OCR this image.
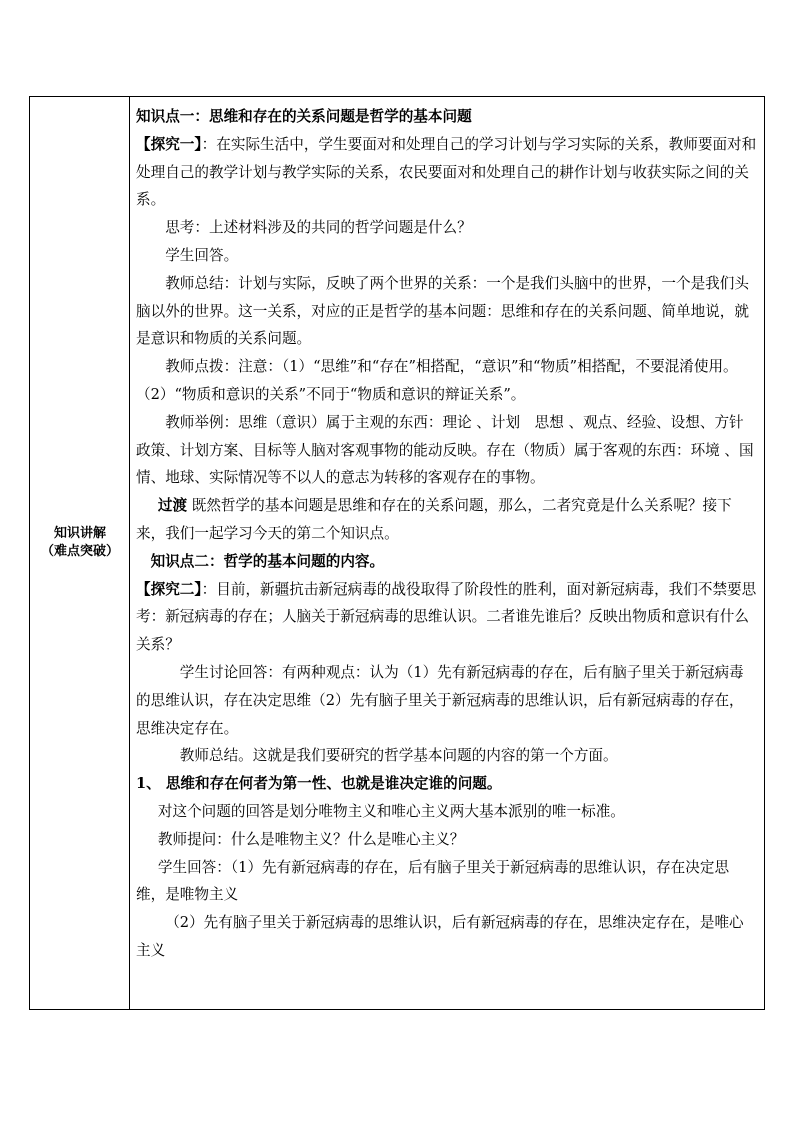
知识讲解
（难点突破）

知识点一：思维和存在的关系问题是哲学的基本问题

【探究一】：在实际生活中，学生要面对和处理自己的学习计划与学习实际的关系，教师要面对和处理自己的教学计划与教学实际的关系，农民要面对和处理自己的耕作计划与收获实际之间的关系。

思考：上述材料涉及的共同的哲学问题是什么？

学生回答。

教师总结：计划与实际，反映了两个世界的关系：一个是我们头脑中的世界，一个是我们头脑以外的世界。这一关系，对应的正是哲学的基本问题：思维和存在的关系问题、简单地说，就是意识和物质的关系问题。

教师点拨：注意：（1）“思维”和“存在”相搭配，“意识”和“物质”相搭配，不要混淆使用。（2）“物质和意识的关系”不同于“物质和意识的辩证关系”。

教师举例：思维（意识）属于主观的东西：理论 、计划　思想 、观点、经验、设想、方针政策、计划方案、目标等人脑对客观事物的能动反映。存在（物质）属于客观的东西：环境 、国情、地球、实际情况等不以人的意志为转移的客观存在的事物。

过渡 既然哲学的基本问题是思维和存在的关系问题，那么，二者究竟是什么关系呢？接下来，我们一起学习今天的第二个知识点。

知识点二：哲学的基本问题的内容。

【探究二】：目前，新疆抗击新冠病毒的战役取得了阶段性的胜利，面对新冠病毒，我们不禁要思考：新冠病毒的存在；人脑关于新冠病毒的思维认识。二者谁先谁后？反映出物质和意识有什么关系？

学生讨论回答：有两种观点：认为（1）先有新冠病毒的存在，后有脑子里关于新冠病毒的思维认识，存在决定思维（2）先有脑子里关于新冠病毒的思维认识，后有新冠病毒的存在，思维决定存在。

教师总结。这就是我们要研究的哲学基本问题的内容的第一个方面。

1、 思维和存在何者为第一性、也就是谁决定谁的问题。

对这个问题的回答是划分唯物主义和唯心主义两大基本派别的唯一标准。

教师提问：什么是唯物主义？什么是唯心主义？

学生回答：（1）先有新冠病毒的存在，后有脑子里关于新冠病毒的思维认识，存在决定思维，是唯物主义

（2）先有脑子里关于新冠病毒的思维认识，后有新冠病毒的存在，思维决定存在，是唯心主义
